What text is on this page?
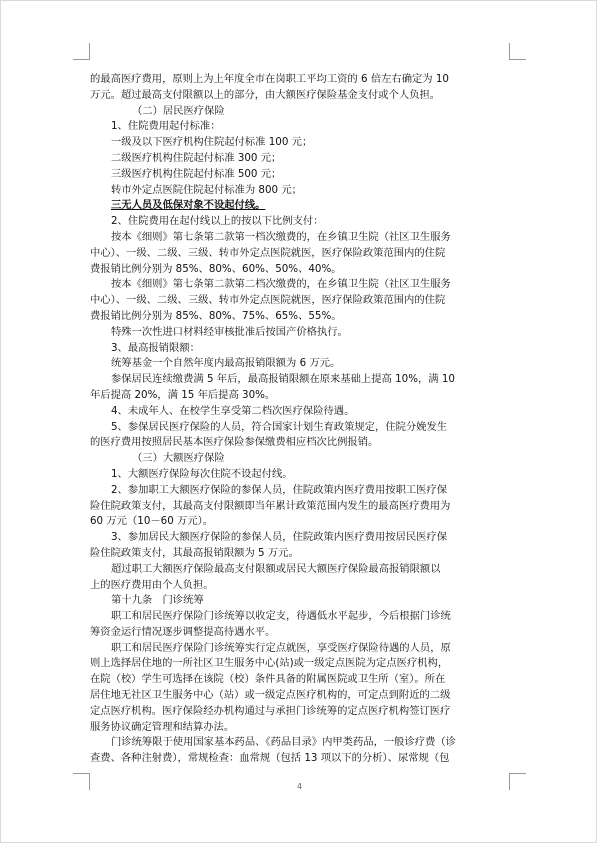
的最高医疗费用，原则上为上年度全市在岗职工平均工资的 6 倍左右确定为 10

万元。超过最高支付限额以上的部分，由大额医疗保险基金支付或个人负担。

（二）居民医疗保险

1、住院费用起付标准：

一级及以下医疗机构住院起付标准 100 元；

二级医疗机构住院起付标准 300 元；

三级医疗机构住院起付标准 500 元；

转市外定点医院住院起付标准为 800 元；

三无人员及低保对象不设起付线。

2、住院费用在起付线以上的按以下比例支付：

按本《细则》第七条第二款第一档次缴费的，在乡镇卫生院（社区卫生服务

中心）、一级、二级、三级、转市外定点医院就医，医疗保险政策范围内的住院

费报销比例分别为 85%、80%、60%、50%、40%。

按本《细则》第七条第二款第二档次缴费的，在乡镇卫生院（社区卫生服务

中心）、一级、二级、三级、转市外定点医院就医，医疗保险政策范围内的住院

费报销比例分别为 85%、80%、75%、65%、55%。

特殊一次性进口材料经审核批准后按国产价格执行。

3、最高报销限额：

统筹基金一个自然年度内最高报销限额为 6 万元。

参保居民连续缴费满 5 年后，最高报销限额在原来基础上提高 10%，满 10

年后提高 20%，满 15 年后提高 30%。

4、未成年人、在校学生享受第二档次医疗保险待遇。

5、参保居民医疗保险的人员，符合国家计划生育政策规定，住院分娩发生

的医疗费用按照居民基本医疗保险参保缴费相应档次比例报销。

（三）大额医疗保险

1、大额医疗保险每次住院不设起付线。

2、参加职工大额医疗保险的参保人员，住院政策内医疗费用按职工医疗保

险住院政策支付，其最高支付限额即当年累计政策范围内发生的最高医疗费用为

60 万元（10－60 万元）。

3、参加居民大额医疗保险的参保人员，住院政策内医疗费用按居民医疗保

险住院政策支付，其最高报销限额为 5 万元。

超过职工大额医疗保险最高支付限额或居民大额医疗保险最高报销限额以

上的医疗费用由个人负担。

第十九条　门诊统筹

职工和居民医疗保险门诊统筹以收定支，待遇低水平起步，今后根据门诊统

筹资金运行情况逐步调整提高待遇水平。

职工和居民医疗保险门诊统筹实行定点就医，享受医疗保险待遇的人员，原

则上选择居住地的一所社区卫生服务中心(站)或一级定点医院为定点医疗机构，

在院（校）学生可选择在该院（校）条件具备的附属医院或卫生所（室）。所在

居住地无社区卫生服务中心（站）或一级定点医疗机构的，可定点到附近的二级

定点医疗机构。医疗保险经办机构通过与承担门诊统筹的定点医疗机构签订医疗

服务协议确定管理和结算办法。

门诊统筹限于使用国家基本药品、《药品目录》内甲类药品，一般诊疗费（诊

查费、各种注射费），常规检查：血常规（包括 13 项以下的分析）、尿常规（包

4
